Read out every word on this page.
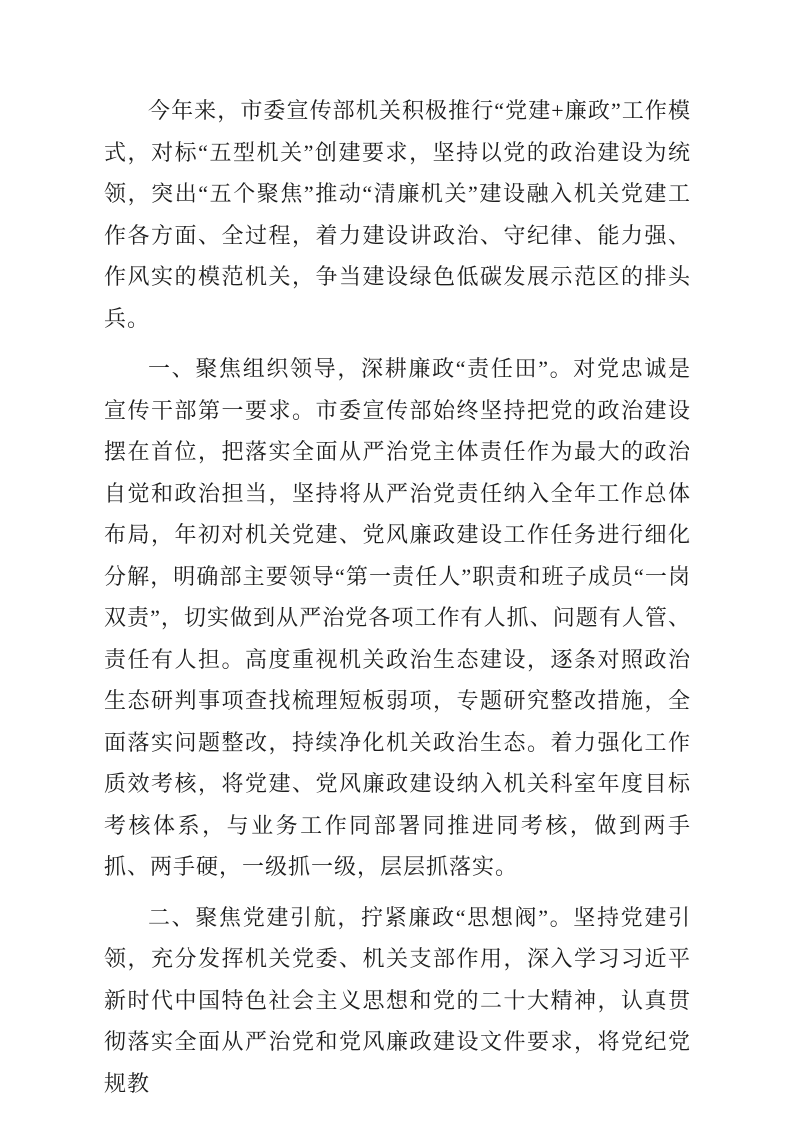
今年来，市委宣传部机关积极推行“党建+廉政”工作模式，对标“五型机关”创建要求，坚持以党的政治建设为统领，突出“五个聚焦”推动“清廉机关”建设融入机关党建工作各方面、全过程，着力建设讲政治、守纪律、能力强、作风实的模范机关，争当建设绿色低碳发展示范区的排头兵。

一、聚焦组织领导，深耕廉政“责任田”。对党忠诚是宣传干部第一要求。市委宣传部始终坚持把党的政治建设摆在首位，把落实全面从严治党主体责任作为最大的政治自觉和政治担当，坚持将从严治党责任纳入全年工作总体布局，年初对机关党建、党风廉政建设工作任务进行细化分解，明确部主要领导“第一责任人”职责和班子成员“一岗双责”，切实做到从严治党各项工作有人抓、问题有人管、责任有人担。高度重视机关政治生态建设，逐条对照政治生态研判事项查找梳理短板弱项，专题研究整改措施，全面落实问题整改，持续净化机关政治生态。着力强化工作质效考核，将党建、党风廉政建设纳入机关科室年度目标考核体系，与业务工作同部署同推进同考核，做到两手抓、两手硬，一级抓一级，层层抓落实。

二、聚焦党建引航，拧紧廉政“思想阀”。坚持党建引领，充分发挥机关党委、机关支部作用，深入学习习近平新时代中国特色社会主义思想和党的二十大精神，认真贯彻落实全面从严治党和党风廉政建设文件要求，将党纪党规教
